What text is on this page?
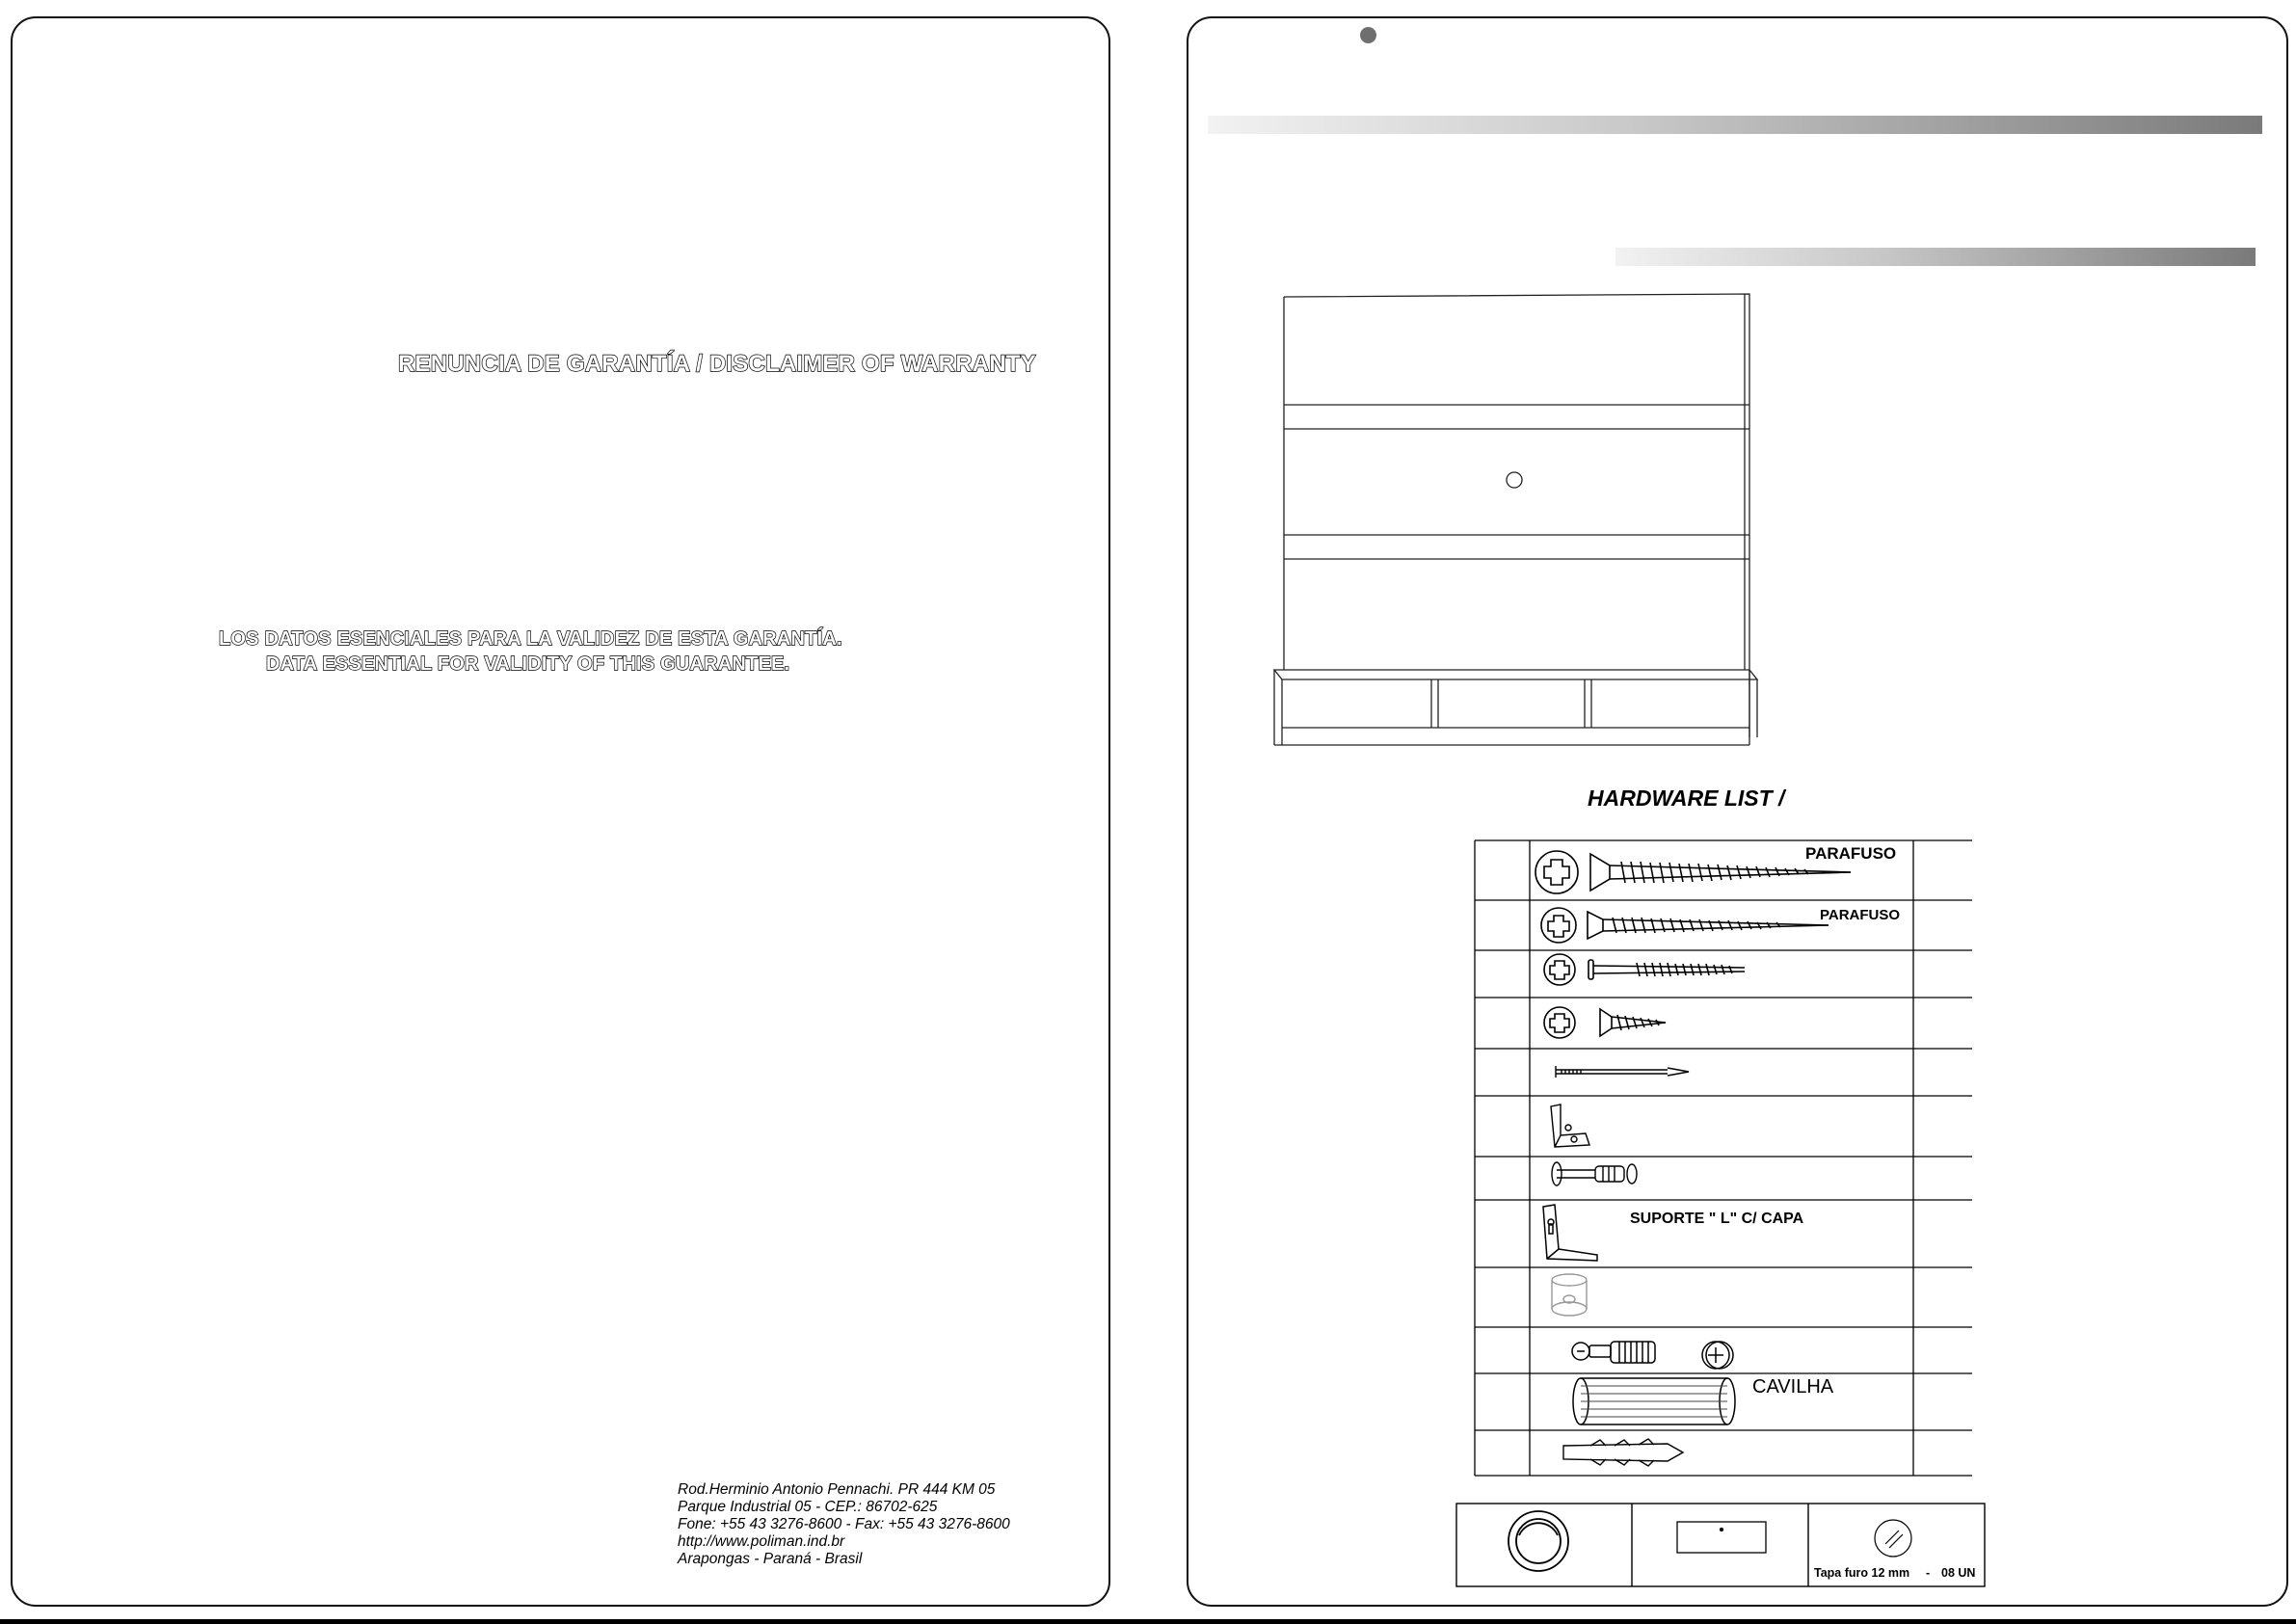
RENUNCIA DE GARANTÍA / DISCLAIMER OF WARRANTY
LOS DATOS ESENCIALES PARA LA VALIDEZ DE ESTA GARANTÍA.
DATA ESSENTIAL FOR VALIDITY OF THIS GUARANTEE.
Rod.Herminio Antonio Pennachi. PR 444 KM 05
Parque Industrial 05 - CEP.: 86702-625
Fone: +55 43 3276-8600 - Fax: +55 43 3276-8600
http://www.poliman.ind.br
Arapongas - Paraná - Brasil
HARDWARE LIST /
PARAFUSO
PARAFUSO
SUPORTE " L" C/ CAPA
CAVILHA
Tapa furo 12 mm - 08 UN
